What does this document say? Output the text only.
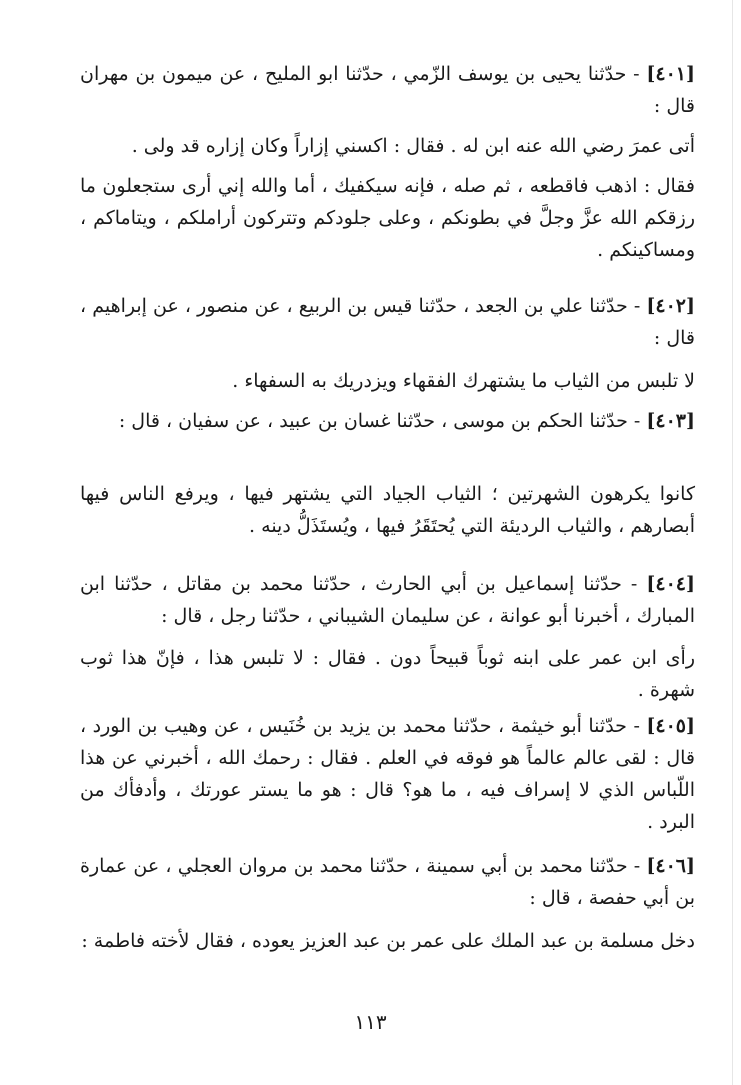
[٤٠١] - حدّثنا يحيى بن يوسف الزّمي ، حدّثنا ابو المليح ، عن ميمون بن مهران قال :

أتى عمرَ رضي الله عنه ابن له . فقال : اكسني إزاراً وكان إزاره قد ولى .

فقال : اذهب فاقطعه ، ثم صله ، فإنه سيكفيك ، أما والله إني أرى ستجعلون ما رزقكم الله عزَّ وجلَّ في بطونكم ، وعلى جلودكم وتتركون أراملكم ، ويتاماكم ، ومساكينكم .

[٤٠٢] - حدّثنا علي بن الجعد ، حدّثنا قيس بن الربيع ، عن منصور ، عن إبراهيم ، قال :

لا تلبس من الثياب ما يشتهرك الفقهاء ويزدريك به السفهاء .

[٤٠٣] - حدّثنا الحكم بن موسى ، حدّثنا غسان بن عبيد ، عن سفيان ، قال :

كانوا يكرهون الشهرتين ؛ الثياب الجياد التي يشتهر فيها ، ويرفع الناس فيها أبصارهم ، والثياب الرديئة التي يُحتَقَرُ فيها ، ويُستَذَلُّ دينه .

[٤٠٤] - حدّثنا إسماعيل بن أبي الحارث ، حدّثنا محمد بن مقاتل ، حدّثنا ابن المبارك ، أخبرنا أبو عوانة ، عن سليمان الشيباني ، حدّثنا رجل ، قال :

رأى ابن عمر على ابنه ثوباً قبيحاً دون . فقال : لا تلبس هذا ، فإنّ هذا ثوب شهرة .

[٤٠٥] - حدّثنا أبو خيثمة ، حدّثنا محمد بن يزيد بن خُنَيس ، عن وهيب بن الورد ، قال : لقى عالم عالماً هو فوقه في العلم . فقال : رحمك الله ، أخبرني عن هذا اللّباس الذي لا إسراف فيه ، ما هو؟ قال : هو ما يستر عورتك ، وأدفأك من البرد .

[٤٠٦] - حدّثنا محمد بن أبي سمينة ، حدّثنا محمد بن مروان العجلي ، عن عمارة بن أبي حفصة ، قال :

دخل مسلمة بن عبد الملك على عمر بن عبد العزيز يعوده ، فقال لأخته فاطمة :

١١٣
